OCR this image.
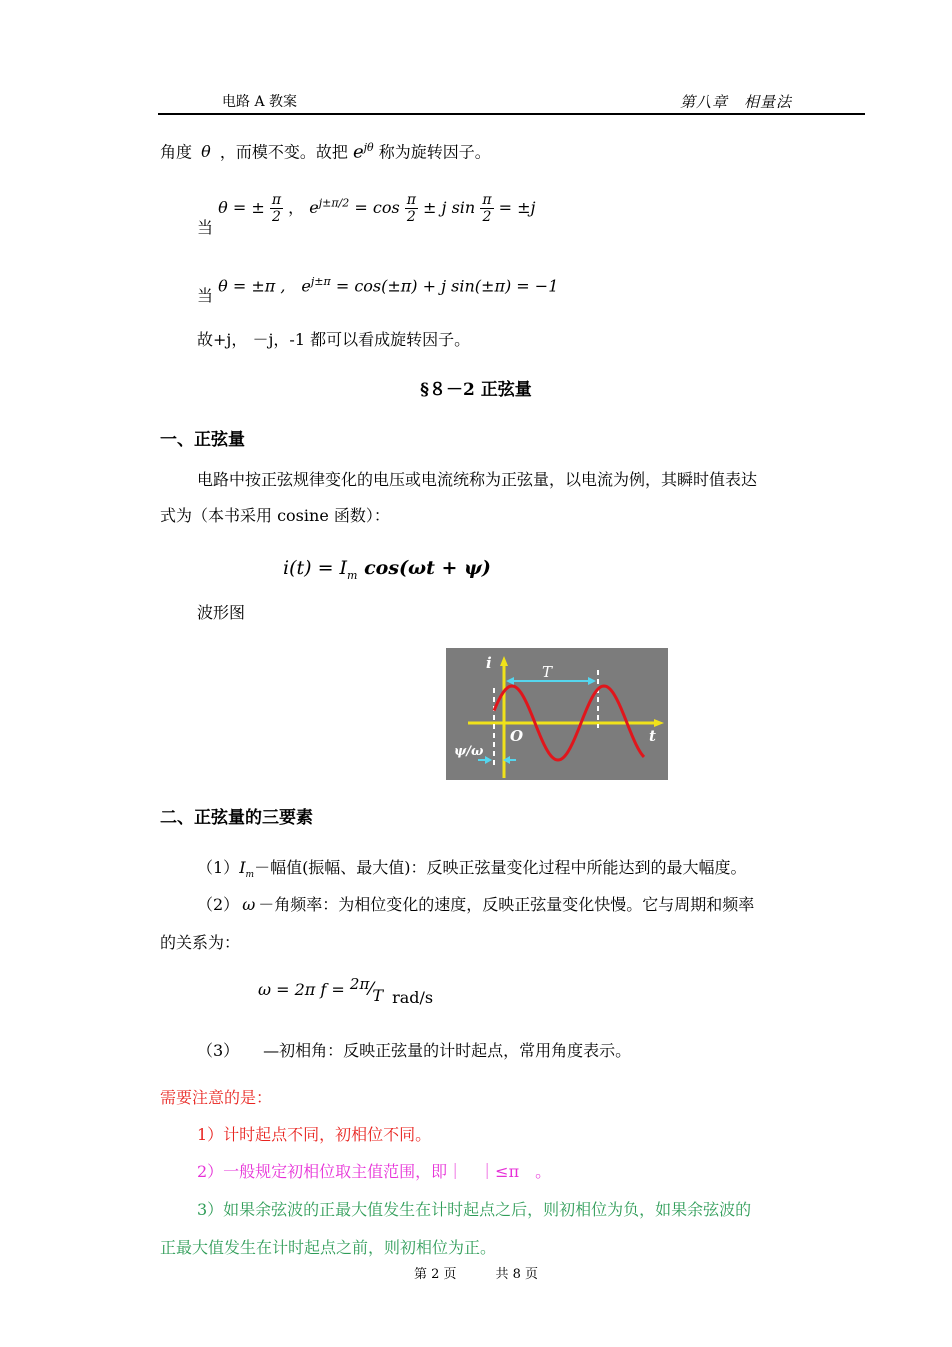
电路 A 教案	第八章　相量法
角度 θ ，而模不变。故把 $e^{j\theta}$ 称为旋转因子。
当 θ = ± $\frac{\pi}{2}$ ， $e^{j\pm\pi/2} = \cos \frac{\pi}{2} \pm j$ $\sin \frac{\pi}{2} = \pm j$
当 θ = ±π ,　$e^{j\pm\pi} = \cos(\pm\pi) + j$ sin(±π) = −1
故+j， －j，-1 都可以看成旋转因子。
§８－2 正弦量
一、正弦量
电路中按正弦规律变化的电压或电流统称为正弦量，以电流为例，其瞬时值表达
式为（本书采用 cosine 函数）：
$i(t) = I_m$ cos(ωt + ψ)
波形图
i	T
O	t
ψ/ω
二、正弦量的三要素
$(1)I_m-$幅值(振幅、最大值)：反映正弦量变化过程中所能达到的最大幅度。
（2） ω －角频率：为相位变化的速度，反映正弦量变化快慢。它与周期和频率
的关系为：
ω = 2π f = 2π⁄T rad/s
（3）　　—初相角：反映正弦量的计时起点，常用角度表示。
需要注意的是：
1）计时起点不同，初相位不同。
2）一般规定初相位取主值范围，即｜　｜≤π　。
3）如果余弦波的正最大值发生在计时起点之后，则初相位为负，如果余弦波的
正最大值发生在计时起点之前，则初相位为正。
第 2 页　　　共 8 页
